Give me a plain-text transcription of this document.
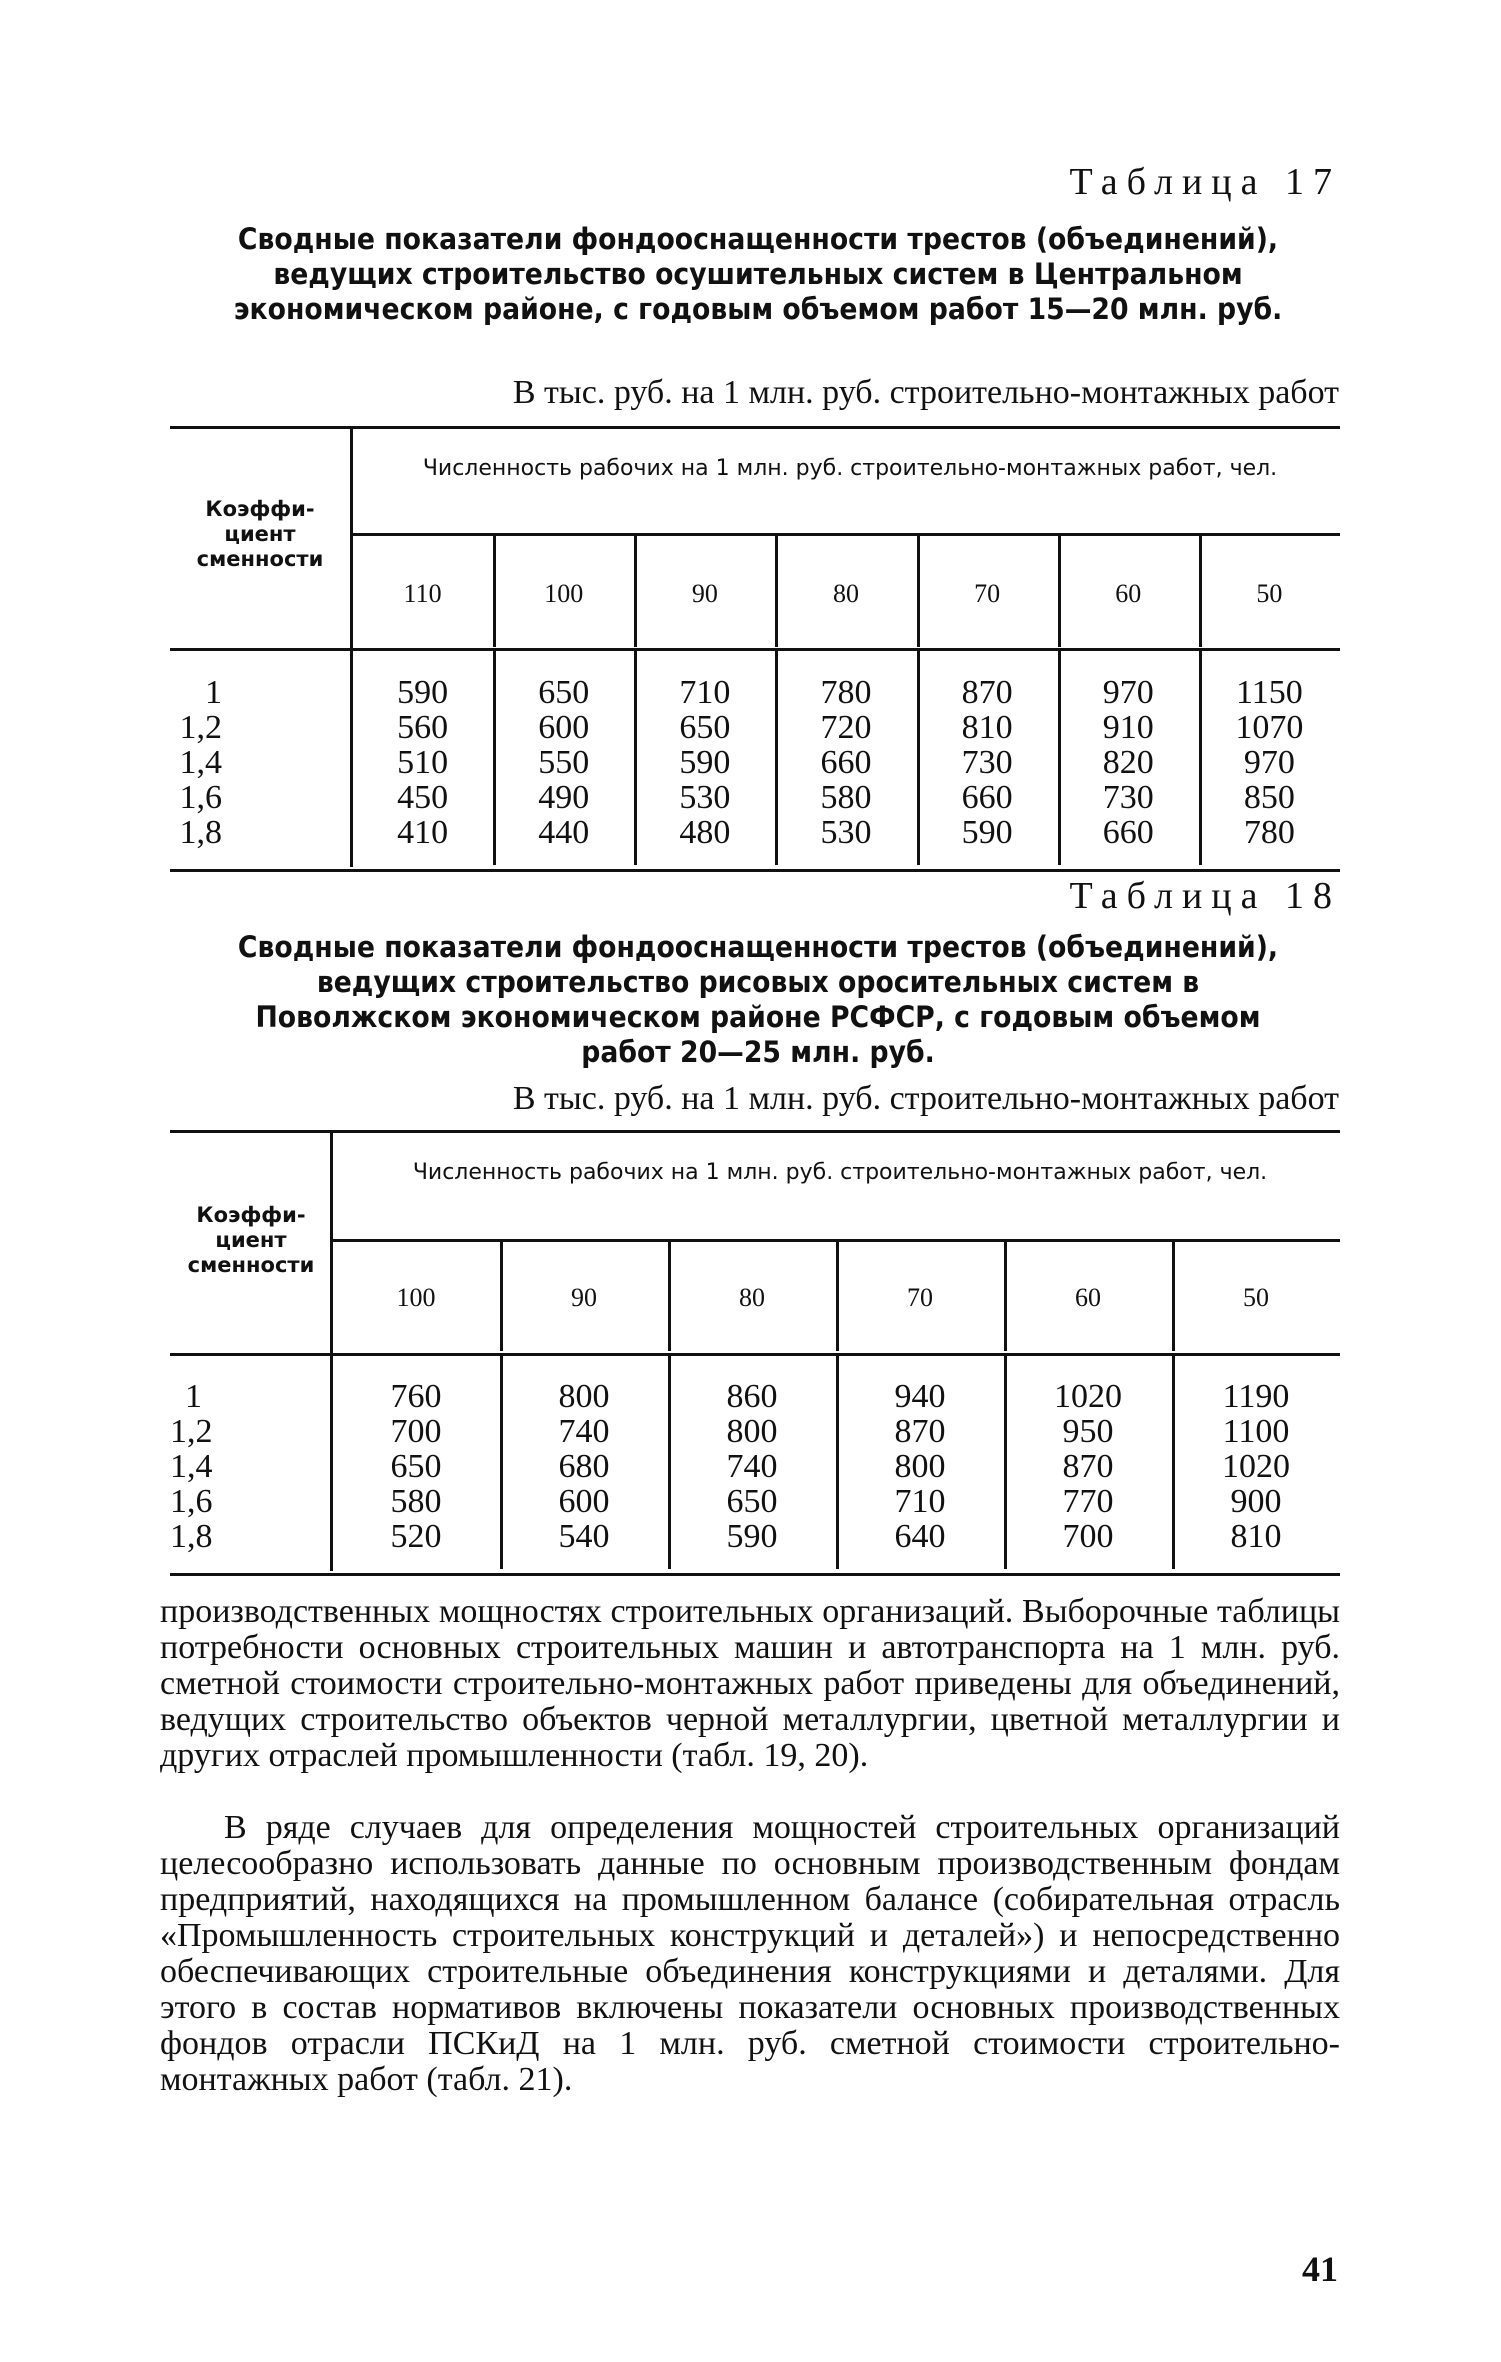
Таблица 17
Сводные показатели фондооснащенности трестов (объединений), ведущих строительство осушительных систем в Центральном экономическом районе, с годовым объемом работ 15—20 млн. руб.
В тыс. руб. на 1 млн. руб. строительно-монтажных работ
Коэффи-циент сменности
Численность рабочих на 1 млн. руб. строительно-монтажных работ, чел.
1
1,2
1,4
1,6
1,8
110
590
560
510
450
410
100
650
600
550
490
440
90
710
650
590
530
480
80
780
720
660
580
530
70
870
810
730
660
590
60
970
910
820
730
660
50
1150
1070
970
850
780
Таблица 18
Сводные показатели фондооснащенности трестов (объединений), ведущих строительство рисовых оросительных систем в Поволжском экономическом районе РСФСР, с годовым объемом работ 20—25 млн. руб.
В тыс. руб. на 1 млн. руб. строительно-монтажных работ
Коэффи-циент сменности
Численность рабочих на 1 млн. руб. строительно-монтажных работ, чел.
1
1,2
1,4
1,6
1,8
100
760
700
650
580
520
90
800
740
680
600
540
80
860
800
740
650
590
70
940
870
800
710
640
60
1020
950
870
770
700
50
1190
1100
1020
900
810
производственных мощностях строительных организаций. Выборочные таблицы потребности основных строительных машин и автотранспорта на 1 млн. руб. сметной стоимости строительно-монтажных работ приведены для объединений, ведущих строительство объектов черной металлургии, цветной металлургии и других отраслей промышленности (табл. 19, 20).
В ряде случаев для определения мощностей строительных организаций целесообразно использовать данные по основным производственным фондам предприятий, находящихся на промышленном балансе (собирательная отрасль «Промышленность строительных конструкций и деталей») и непосредственно обеспечивающих строительные объединения конструкциями и деталями. Для этого в состав нормативов включены показатели основных производственных фондов отрасли ПСКиД на 1 млн. руб. сметной стоимости строительно-монтажных работ (табл. 21).
41
